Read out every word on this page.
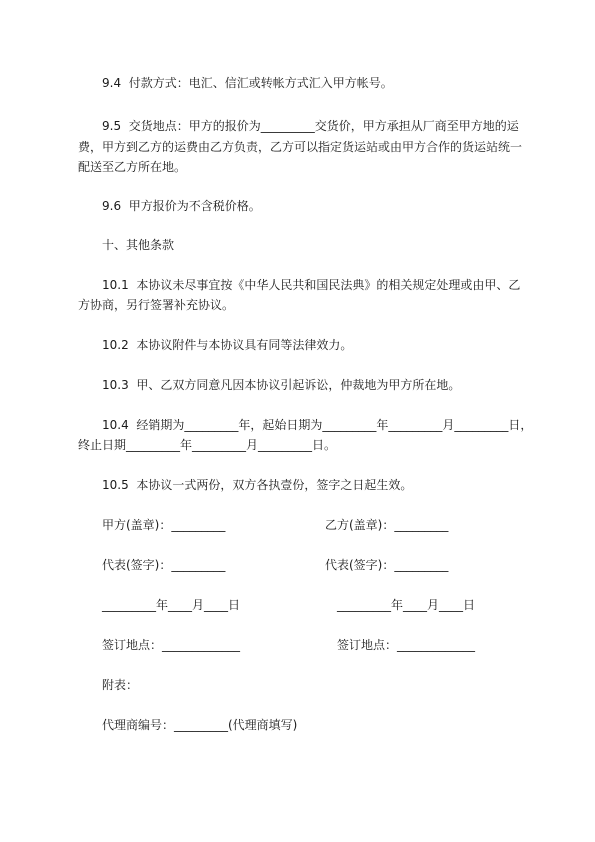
9.4  付款方式：电汇、信汇或转帐方式汇入甲方帐号。
9.5  交货地点：甲方的报价为_________交货价，甲方承担从厂商至甲方地的运
费，甲方到乙方的运费由乙方负责，乙方可以指定货运站或由甲方合作的货运站统一
配送至乙方所在地。
9.6  甲方报价为不含税价格。
十、其他条款
10.1  本协议未尽事宜按《中华人民共和国民法典》的相关规定处理或由甲、乙
方协商，另行签署补充协议。
10.2  本协议附件与本协议具有同等法律效力。
10.3  甲、乙双方同意凡因本协议引起诉讼，仲裁地为甲方所在地。
10.4  经销期为_________年，起始日期为_________年_________月_________日，
终止日期_________年_________月_________日。
10.5  本协议一式两份，双方各执壹份，签字之日起生效。
甲方(盖章)：_________	乙方(盖章)：_________
代表(签字)：_________	代表(签字)：_________
_________年____月____日	_________年____月____日
签订地点：_____________	签订地点：_____________
附表：
代理商编号：_________(代理商填写)
